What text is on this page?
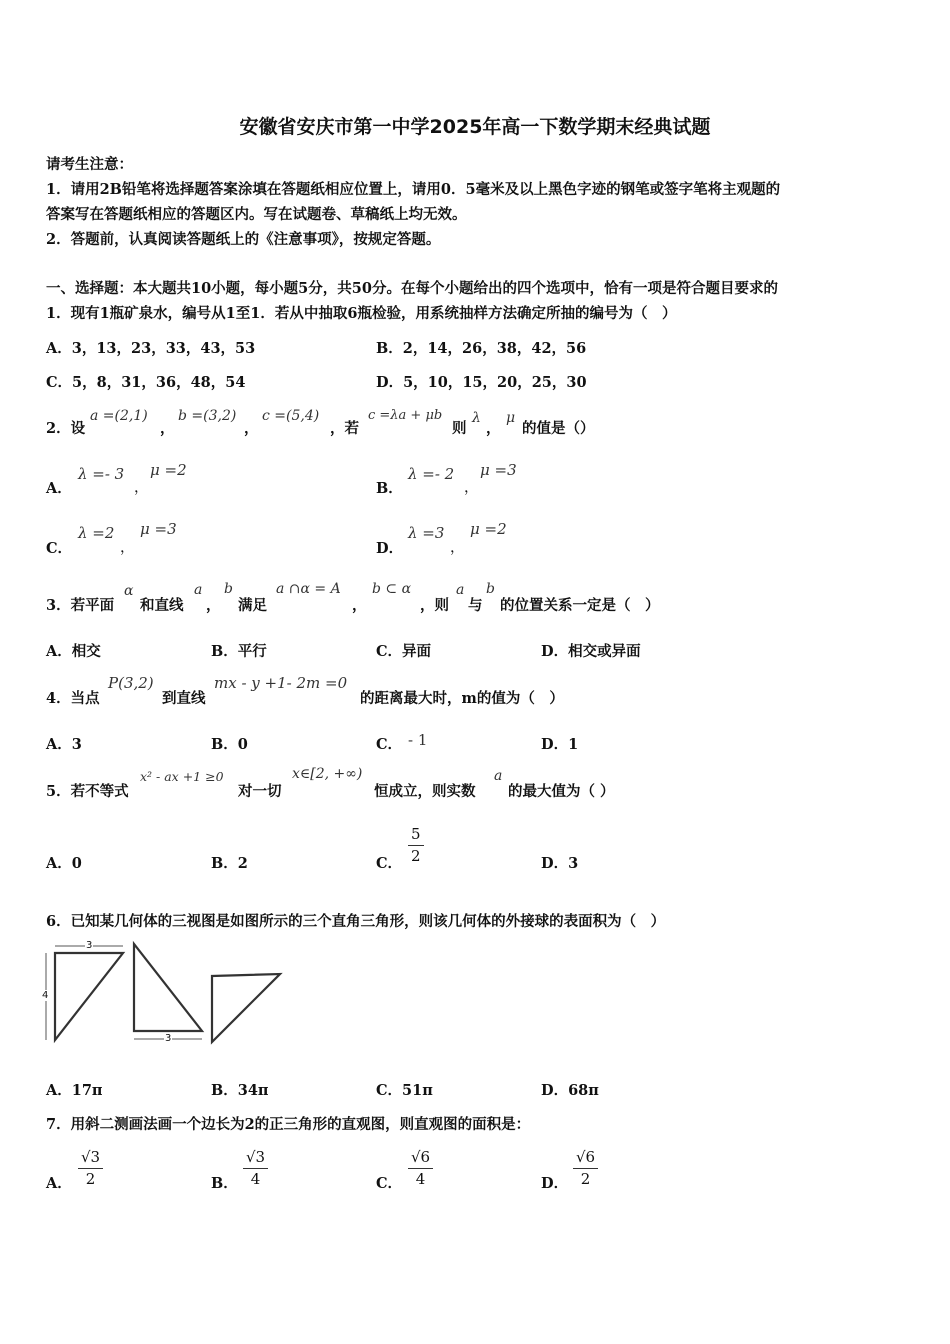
安徽省安庆市第一中学2025年高一下数学期末经典试题
请考生注意：
1．请用2B铅笔将选择题答案涂填在答题纸相应位置上，请用0．5毫米及以上黑色字迹的钢笔或签字笔将主观题的
答案写在答题纸相应的答题区内。写在试题卷、草稿纸上均无效。
2．答题前，认真阅读答题纸上的《注意事项》，按规定答题。
一、选择题：本大题共10小题，每小题5分，共50分。在每个小题给出的四个选项中，恰有一项是符合题目要求的
1．现有1瓶矿泉水，编号从1至1．若从中抽取6瓶检验，用系统抽样方法确定所抽的编号为（　）
A．3，13，23，33，43，53	B．2，14，26，38，42，56
C．5，8，31，36，48，54	D．5，10，15，20，25，30
2．设
a =(2,1)
，
b =(3,2)
，
c =(5,4)
，若
c =λa + μb
则
λ
，
μ
的值是（）
A．
λ =- 3
，
μ =2
B．
λ =- 2
，
μ =3
C．
λ =2
，
μ =3
D．
λ =3
，
μ =2
3．若平面
α
和直线
a
，
b
满足
a ∩α = A
，
b ⊂ α
，则
a
与
b
的位置关系一定是（　）
A．相交	B．平行	C．异面	D．相交或异面
4．当点
P(3,2)
到直线
mx - y +1- 2m =0
的距离最大时，m的值为（　）
A．3	B．0	C． - 1	D．1
5．若不等式
x² - ax +1 ≥0
对一切
x∈[2, +∞)
恒成立，则实数
a
的最大值为（ ）
A．0	B．2	C． $\frac{5}{2}$	D．3
6．已知某几何体的三视图是如图所示的三个直角三角形，则该几何体的外接球的表面积为（　）
3
4
3
A．17π	B．34π	C．51π	D．68π
7．用斜二测画法画一个边长为2的正三角形的直观图，则直观图的面积是：
A． $\frac{√3}{2}$	B． $\frac{√3}{4}$	C． $\frac{√6}{4}$	D． $\frac{√6}{2}$
